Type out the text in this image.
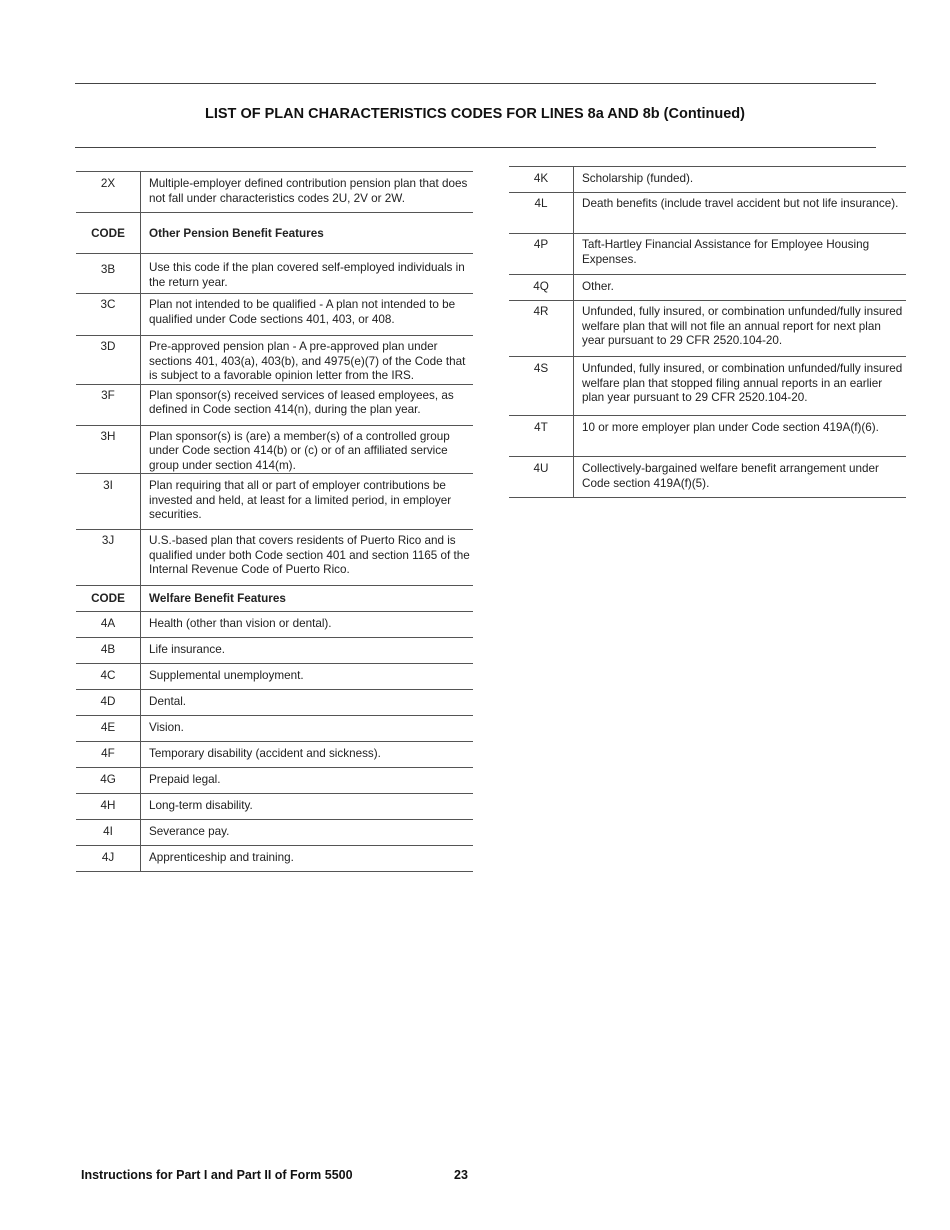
LIST OF PLAN CHARACTERISTICS CODES FOR LINES 8a AND 8b (Continued)
2X	Multiple-employer defined contribution pension plan that does not fall under characteristics codes 2U, 2V or 2W.
CODE	Other Pension Benefit Features
3B	Use this code if the plan covered self-employed individuals in the return year.
3C	Plan not intended to be qualified - A plan not intended to be qualified under Code sections 401, 403, or 408.
3D	Pre-approved pension plan - A pre-approved plan under sections 401, 403(a), 403(b), and 4975(e)(7) of the Code that is subject to a favorable opinion letter from the IRS.
3F	Plan sponsor(s) received services of leased employees, as defined in Code section 414(n), during the plan year.
3H	Plan sponsor(s) is (are) a member(s) of a controlled group under Code section 414(b) or (c) or of an affiliated service group under section 414(m).
3I	Plan requiring that all or part of employer contributions be invested and held, at least for a limited period, in employer securities.
3J	U.S.-based plan that covers residents of Puerto Rico and is qualified under both Code section 401 and section 1165 of the Internal Revenue Code of Puerto Rico.
CODE	Welfare Benefit Features
4A	Health (other than vision or dental).
4B	Life insurance.
4C	Supplemental unemployment.
4D	Dental.
4E	Vision.
4F	Temporary disability (accident and sickness).
4G	Prepaid legal.
4H	Long-term disability.
4I	Severance pay.
4J	Apprenticeship and training.
4K	Scholarship (funded).
4L	Death benefits (include travel accident but not life insurance).
4P	Taft-Hartley Financial Assistance for Employee Housing Expenses.
4Q	Other.
4R	Unfunded, fully insured, or combination unfunded/fully insured welfare plan that will not file an annual report for next plan year pursuant to 29 CFR 2520.104-20.
4S	Unfunded, fully insured, or combination unfunded/fully insured welfare plan that stopped filing annual reports in an earlier plan year pursuant to 29 CFR 2520.104-20.
4T	10 or more employer plan under Code section 419A(f)(6).
4U	Collectively-bargained welfare benefit arrangement under Code section 419A(f)(5).
Instructions for Part I and Part II of Form 5500	23
